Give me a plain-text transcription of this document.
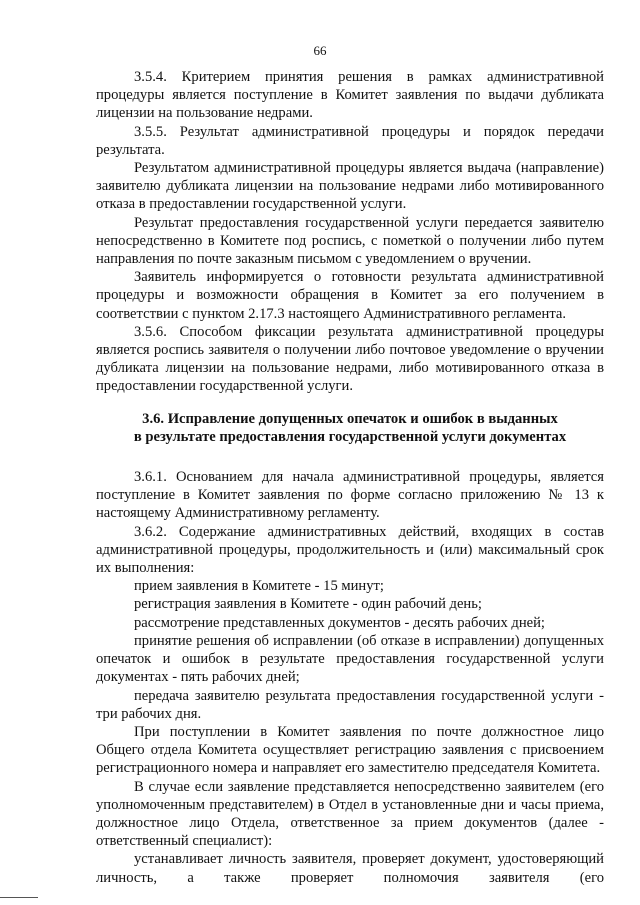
66

3.5.4. Критерием принятия решения в рамках административной процедуры является поступление в Комитет заявления по выдачи дубликата лицензии на пользование недрами.

3.5.5. Результат административной процедуры и порядок передачи результата.

Результатом административной процедуры является выдача (направление) заявителю дубликата лицензии на пользование недрами либо мотивированного отказа в предоставлении государственной услуги.

Результат предоставления государственной услуги передается заявителю непосредственно в Комитете под роспись, с пометкой о получении либо путем направления по почте заказным письмом с уведомлением о вручении.

Заявитель информируется о готовности результата административной процедуры и возможности обращения в Комитет за его получением в соответствии с пунктом 2.17.3 настоящего Административного регламента.

3.5.6. Способом фиксации результата административной процедуры является роспись заявителя о получении либо почтовое уведомление о вручении дубликата лицензии на пользование недрами, либо мотивированного отказа в предоставлении государственной услуги.

3.6. Исправление допущенных опечаток и ошибок в выданных
в результате предоставления государственной услуги документах

3.6.1. Основанием для начала административной процедуры, является поступление в Комитет заявления по форме согласно приложению № 13 к настоящему Административному регламенту.

3.6.2. Содержание административных действий, входящих в состав административной процедуры, продолжительность и (или) максимальный срок их выполнения:

прием заявления в Комитете - 15 минут;

регистрация заявления в Комитете - один рабочий день;

рассмотрение представленных документов - десять рабочих дней;

принятие решения об исправлении (об отказе в исправлении) допущенных опечаток и ошибок в результате предоставления государственной услуги документах - пять рабочих дней;

передача заявителю результата предоставления государственной услуги - три рабочих дня.

При поступлении в Комитет заявления по почте должностное лицо Общего отдела Комитета осуществляет регистрацию заявления с присвоением регистрационного номера и направляет его заместителю председателя Комитета.

В случае если заявление представляется непосредственно заявителем (его уполномоченным представителем) в Отдел в установленные дни и часы приема, должностное лицо Отдела, ответственное за прием документов (далее - ответственный специалист):

устанавливает личность заявителя, проверяет документ, удостоверяющий личность, а также проверяет полномочия заявителя (его
